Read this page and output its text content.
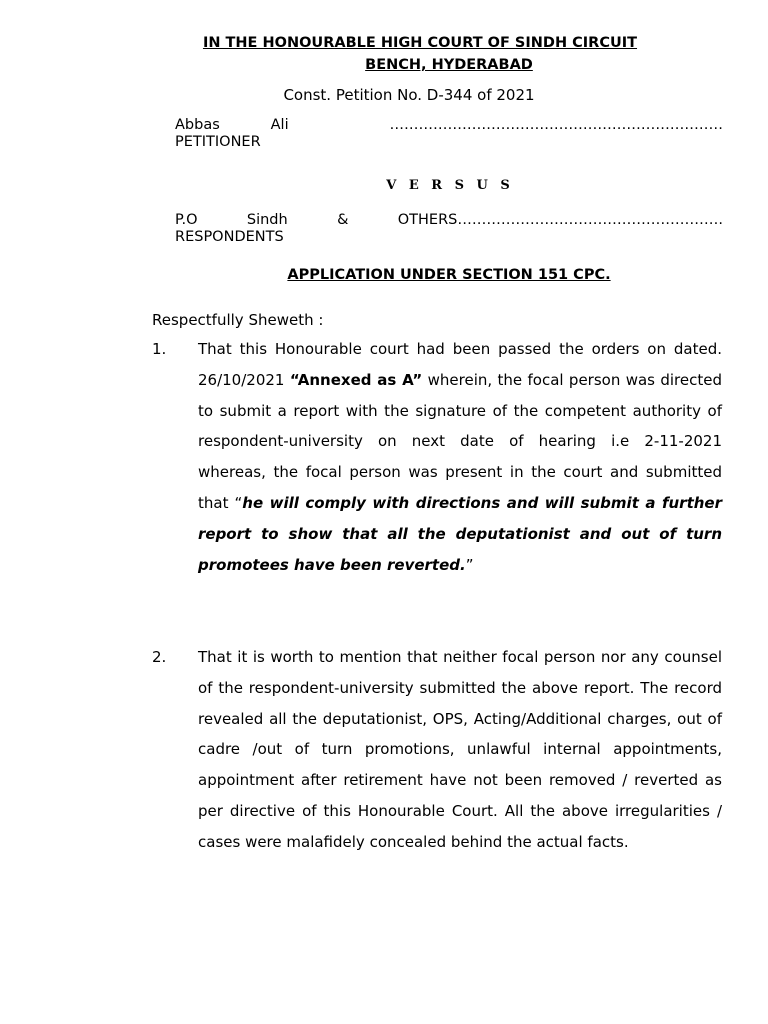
IN THE HONOURABLE HIGH COURT OF SINDH CIRCUIT
BENCH, HYDERABAD
Const. Petition No. D-344 of 2021
Abbas	Ali	……………………………………………………………
PETITIONER
V E R S U S
P.O	Sindh	&	OTHERS……………………………………………….
RESPONDENTS
APPLICATION UNDER SECTION 151 CPC.
Respectfully Sheweth :
1. That this Honourable court had been passed the orders on dated. 26/10/2021 “Annexed as A” wherein, the focal person was directed to submit a report with the signature of the competent authority of respondent-university on next date of hearing i.e 2-11-2021 whereas, the focal person was present in the court and submitted that “he will comply with directions and will submit a further report to show that all the deputationist and out of turn promotees have been reverted.”
2. That it is worth to mention that neither focal person nor any counsel of the respondent-university submitted the above report. The record revealed all the deputationist, OPS, Acting/Additional charges, out of cadre /out of turn promotions, unlawful internal appointments, appointment after retirement have not been removed / reverted as per directive of this Honourable Court. All the above irregularities / cases were malafidely concealed behind the actual facts.
